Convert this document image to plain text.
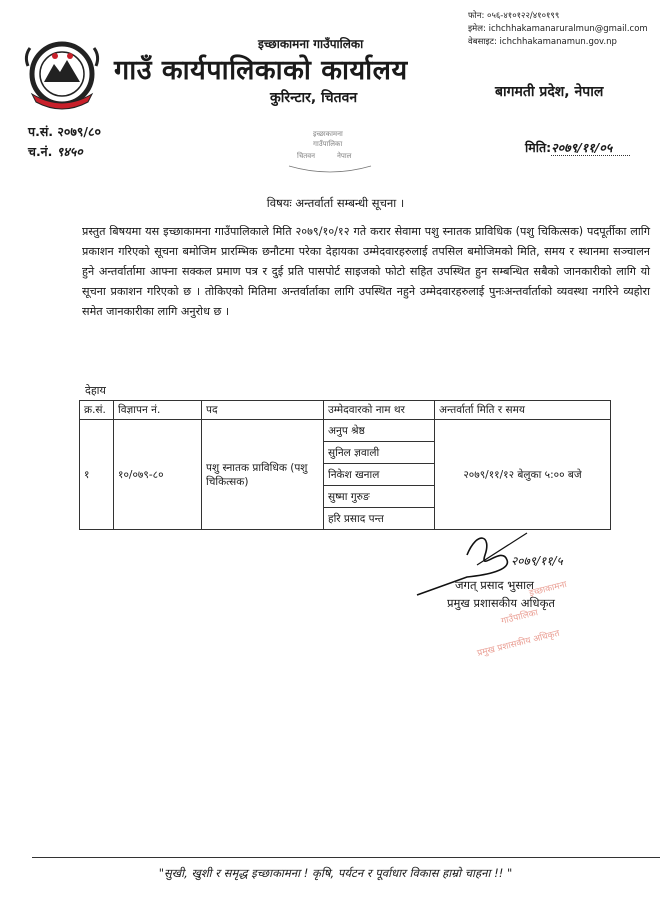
फोन: ०५६-४१०१२२/४१०१९९
इमेल: ichchhakamanaruralmun@gmail.com
वेबसाइट: ichchhakamanamun.gov.np
इच्छाकामना गाउँपालिका
गाउँ कार्यपालिकाको कार्यालय
कुरिन्टार, चितवन	बागमती प्रदेश, नेपाल
प.सं. २०७९/८०
च.नं. ९४५०	मिति:२०७९/११/०५
इच्छाकामना
गाउँपालिका
चितवन	नेपाल
विषयः अन्तर्वार्ता सम्बन्धी सूचना ।
प्रस्तुत बिषयमा यस इच्छाकामना गाउँपालिकाले मिति २०७९/१०/१२ गते करार सेवामा पशु स्नातक प्राविधिक (पशु चिकित्सक) पदपूर्तीका लागि प्रकाशन गरिएको सूचना बमोजिम प्रारम्भिक छनौटमा परेका देहायका उम्मेदवारहरुलाई तपसिल बमोजिमको मिति, समय र स्थानमा सञ्चालन हुने अन्तर्वार्तामा आफ्ना सक्कल प्रमाण पत्र र दुई प्रति पासपोर्ट साइजको फोटो सहित उपस्थित हुन सम्बन्धित सबैको जानकारीको लागि यो सूचना प्रकाशन गरिएको छ । तोकिएको मितिमा अन्तर्वार्ताका लागि उपस्थित नहुने उम्मेदवारहरुलाई पुनःअन्तर्वार्ताको व्यवस्था नगरिने व्यहोरा समेत जानकारीका लागि अनुरोध छ ।
देहाय
क्र.सं.	विज्ञापन नं.	पद	उम्मेदवारको नाम थर	अन्तर्वार्ता मिति र समय
१	१०/०७९-८०	पशु स्नातक प्राविधिक (पशु चिकित्सक)	अनुप श्रेष्ठ	२०७९/११/१२ बेलुका ५:०० बजे
			सुनिल ज्ञवाली	
			निकेश खनाल	
			सुष्मा गुरुङ	
			हरि प्रसाद पन्त	
२०७९/११/५
इच्छाकामना
गाउँपालिका
प्रमुख प्रशासकीय अधिकृत
जगत् प्रसाद भुसाल
प्रमुख प्रशासकीय अधिकृत
"सुखी, खुशी र समृद्ध इच्छाकामना ! कृषि, पर्यटन र पूर्वाधार विकास हाम्रो चाहना !! "
